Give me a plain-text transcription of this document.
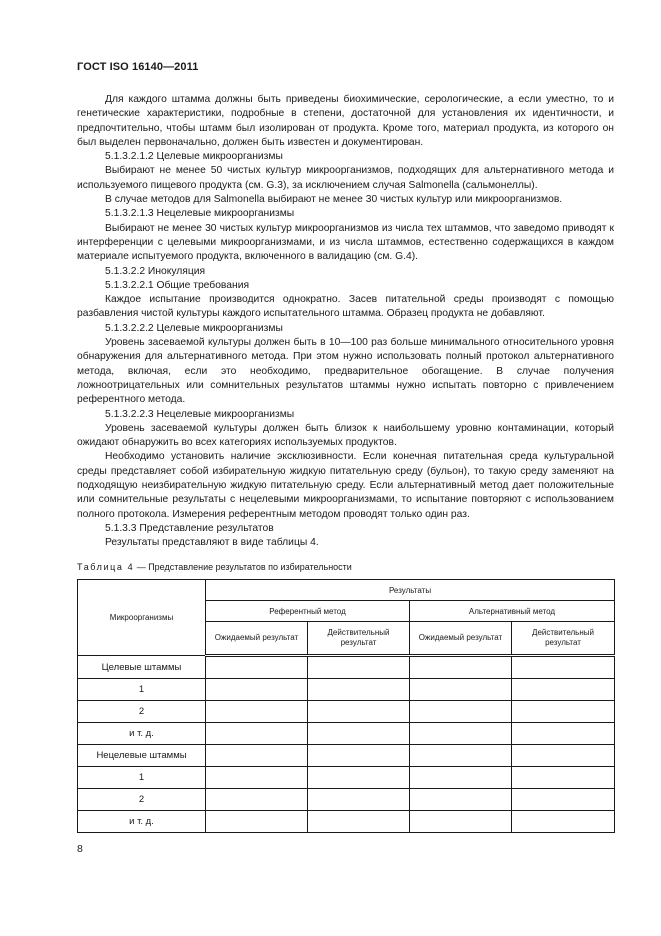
ГОСТ ISO 16140—2011

Для каждого штамма должны быть приведены биохимические, серологические, а если уместно, то и генетические характеристики, подробные в степени, достаточной для установления их идентичности, и предпочтительно, чтобы штамм был изолирован от продукта. Кроме того, материал продукта, из которого он был выделен первоначально, должен быть известен и документирован.

5.1.3.2.1.2 Целевые микроорганизмы

Выбирают не менее 50 чистых культур микроорганизмов, подходящих для альтернативного метода и используемого пищевого продукта (см. G.3), за исключением случая Salmonella (сальмонеллы).

В случае методов для Salmonella выбирают не менее 30 чистых культур или микроорганизмов.

5.1.3.2.1.3 Нецелевые микроорганизмы

Выбирают не менее 30 чистых культур микроорганизмов из числа тех штаммов, что заведомо приводят к интерференции с целевыми микроорганизмами, и из числа штаммов, естественно содержащихся в каждом материале испытуемого продукта, включенного в валидацию (см. G.4).

5.1.3.2.2 Инокуляция

5.1.3.2.2.1 Общие требования

Каждое испытание производится однократно. Засев питательной среды производят с помощью разбавления чистой культуры каждого испытательного штамма. Образец продукта не добавляют.

5.1.3.2.2.2 Целевые микроорганизмы

Уровень засеваемой культуры должен быть в 10—100 раз больше минимального относительного уровня обнаружения для альтернативного метода. При этом нужно использовать полный протокол альтернативного метода, включая, если это необходимо, предварительное обогащение. В случае получения ложноотрицательных или сомнительных результатов штаммы нужно испытать повторно с привлечением референтного метода.

5.1.3.2.2.3 Нецелевые микроорганизмы

Уровень засеваемой культуры должен быть близок к наибольшему уровню контаминации, который ожидают обнаружить во всех категориях используемых продуктов.

Необходимо установить наличие эксклюзивности. Если конечная питательная среда культуральной среды представляет собой избирательную жидкую питательную среду (бульон), то такую среду заменяют на подходящую неизбирательную жидкую питательную среду. Если альтернативный метод дает положительные или сомнительные результаты с нецелевыми микроорганизмами, то испытание повторяют с использованием полного протокола. Измерения референтным методом проводят только один раз.

5.1.3.3 Представление результатов

Результаты представляют в виде таблицы 4.

Таблица 4 — Представление результатов по избирательности
Микроорганизмы	Результаты			
	Референтный метод		Альтернативный метод	
	Ожидаемый результат	Действительный результат	Ожидаемый результат	Действительный результат
Целевые штаммы				
1				
2				
и т. д.				
Нецелевые штаммы				
1				
2				
и т. д.				
8
